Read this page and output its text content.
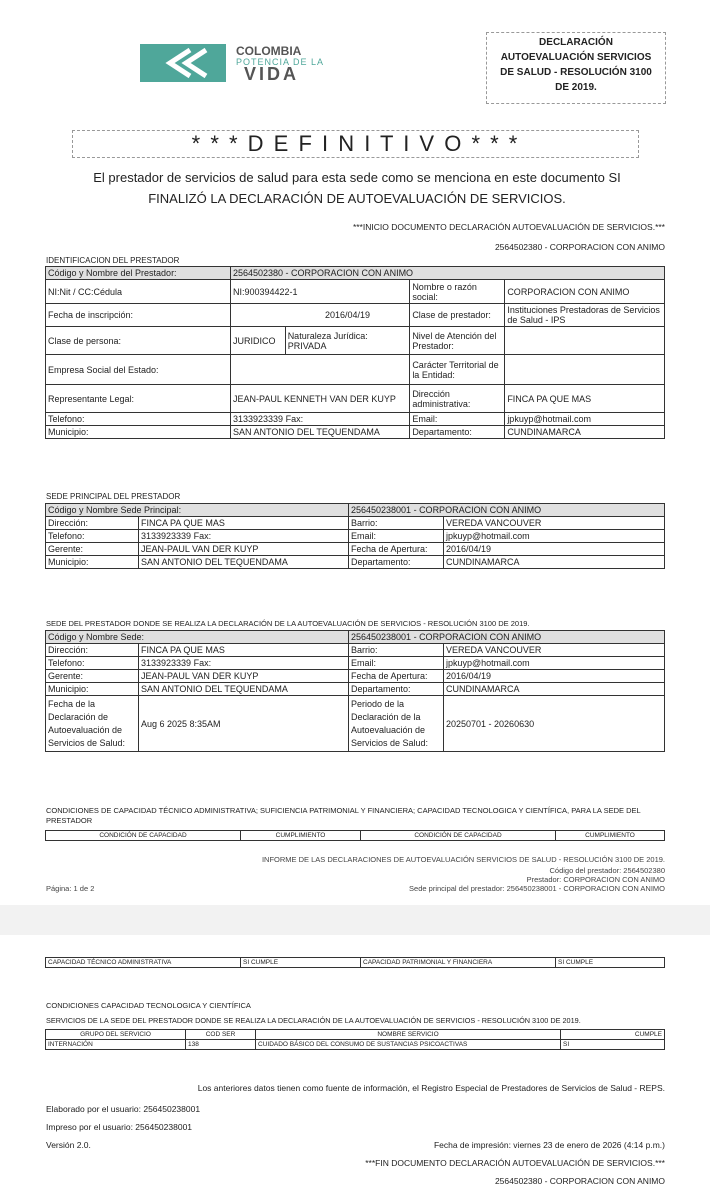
COLOMBIA
POTENCIA DE LA
VIDA
DECLARACIÓN
AUTOEVALUACIÓN SERVICIOS
DE SALUD - RESOLUCIÓN 3100
DE 2019.
* * * D E F I N I T I V O * * *
El prestador de servicios de salud para esta sede como se menciona en este documento SI
FINALIZÓ LA DECLARACIÓN DE AUTOEVALUACIÓN DE SERVICIOS.
***INICIO DOCUMENTO DECLARACIÓN AUTOEVALUACIÓN DE SERVICIOS.***
2564502380 - CORPORACION CON ANIMO
IDENTIFICACION DEL PRESTADOR
Código y Nombre del Prestador:	2564502380 - CORPORACION CON ANIMO			
NI:Nit / CC:Cédula	NI:900394422-1		Nombre o razón social:	CORPORACION CON ANIMO
Fecha de inscripción:	2016/04/19		Clase de prestador:	Instituciones Prestadoras de Servicios de Salud - IPS
Clase de persona:	JURIDICO	Naturaleza Jurídica: PRIVADA	Nivel de Atención del Prestador:	
Empresa Social del Estado:			Carácter Territorial de la Entidad:	
Representante Legal:	JEAN-PAUL KENNETH VAN DER KUYP		Dirección administrativa:	FINCA PA QUE MAS
Telefono:	3133923339 Fax:		Email:	jpkuyp@hotmail.com
Municipio:	SAN ANTONIO DEL TEQUENDAMA		Departamento:	CUNDINAMARCA
SEDE PRINCIPAL DEL PRESTADOR
Código y Nombre Sede Principal:		256450238001 - CORPORACION CON ANIMO	
Dirección:	FINCA PA QUE MAS	Barrio:	VEREDA VANCOUVER
Telefono:	3133923339 Fax:	Email:	jpkuyp@hotmail.com
Gerente:	JEAN-PAUL VAN DER KUYP	Fecha de Apertura:	2016/04/19
Municipio:	SAN ANTONIO DEL TEQUENDAMA	Departamento:	CUNDINAMARCA
SEDE DEL PRESTADOR DONDE SE REALIZA LA DECLARACIÓN DE LA AUTOEVALUACIÓN DE SERVICIOS - RESOLUCIÓN 3100 DE 2019.
Código y Nombre Sede:		256450238001 - CORPORACION CON ANIMO	
Dirección:	FINCA PA QUE MAS	Barrio:	VEREDA VANCOUVER
Telefono:	3133923339 Fax:	Email:	jpkuyp@hotmail.com
Gerente:	JEAN-PAUL VAN DER KUYP	Fecha de Apertura:	2016/04/19
Municipio:	SAN ANTONIO DEL TEQUENDAMA	Departamento:	CUNDINAMARCA
Fecha de la Declaración de Autoevaluación de Servicios de Salud:	Aug 6 2025 8:35AM	Periodo de la Declaración de la Autoevaluación de Servicios de Salud:	20250701 - 20260630
CONDICIONES DE CAPACIDAD TÉCNICO ADMINISTRATIVA; SUFICIENCIA PATRIMONIAL Y FINANCIERA; CAPACIDAD TECNOLOGICA Y CIENTÍFICA, PARA LA SEDE DEL PRESTADOR
CONDICIÓN DE CAPACIDAD	CUMPLIMIENTO	CONDICIÓN DE CAPACIDAD	CUMPLIMIENTO
INFORME DE LAS DECLARACIONES DE AUTOEVALUACIÓN SERVICIOS DE SALUD - RESOLUCIÓN 3100 DE 2019.
Código del prestador: 2564502380
Prestador: CORPORACION CON ANIMO
Sede principal del prestador: 256450238001 - CORPORACION CON ANIMO
Página: 1 de 2
CAPACIDAD TÉCNICO ADMINISTRATIVA	SI CUMPLE	CAPACIDAD PATRIMONIAL Y FINANCIERA	SI CUMPLE
CONDICIONES CAPACIDAD TECNOLOGICA Y CIENTÍFICA
SERVICIOS DE LA SEDE DEL PRESTADOR DONDE SE REALIZA LA DECLARACIÓN DE LA AUTOEVALUACIÓN DE SERVICIOS - RESOLUCIÓN 3100 DE 2019.
GRUPO DEL SERVICIO	COD SER	NOMBRE SERVICIO	CUMPLE
INTERNACIÓN	138	CUIDADO BÁSICO DEL CONSUMO DE SUSTANCIAS PSICOACTIVAS	SI
Los anteriores datos tienen como fuente de información, el Registro Especial de Prestadores de Servicios de Salud - REPS.
Elaborado por el usuario: 256450238001
Impreso por el usuario: 256450238001
Versión 2.0.	Fecha de impresión: viernes 23 de enero de 2026 (4:14 p.m.)
***FIN DOCUMENTO DECLARACIÓN AUTOEVALUACIÓN DE SERVICIOS.***
2564502380 - CORPORACION CON ANIMO
